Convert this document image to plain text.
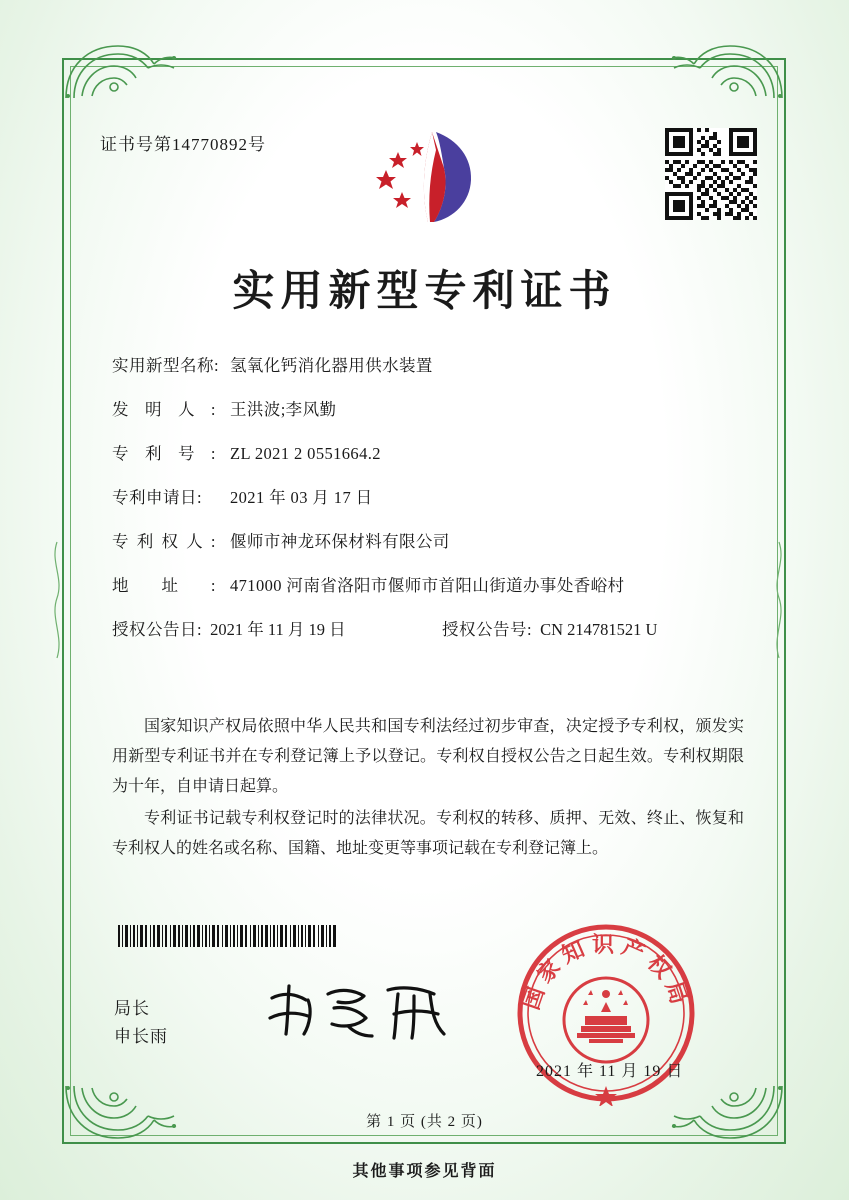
证书号第14770892号
实用新型专利证书
实用新型名称: 氢氧化钙消化器用供水装置
发明人: 王洪波;李风勤
专利号: ZL 2021 2 0551664.2
专利申请日:	2021 年 03 月 17 日
专利权人: 偃师市神龙环保材料有限公司
地址: 471000 河南省洛阳市偃师市首阳山街道办事处香峪村
授权公告日: 2021 年 11 月 19 日	授权公告号: CN 214781521 U

国家知识产权局依照中华人民共和国专利法经过初步审查，决定授予专利权，颁发实用新型专利证书并在专利登记簿上予以登记。专利权自授权公告之日起生效。专利权期限为十年，自申请日起算。

专利证书记载专利权登记时的法律状况。专利权的转移、质押、无效、终止、恢复和专利权人的姓名或名称、国籍、地址变更等事项记载在专利登记簿上。

局长
申长雨
国家知识产权局
2021 年 11 月 19 日
第 1 页 (共 2 页)
其他事项参见背面
